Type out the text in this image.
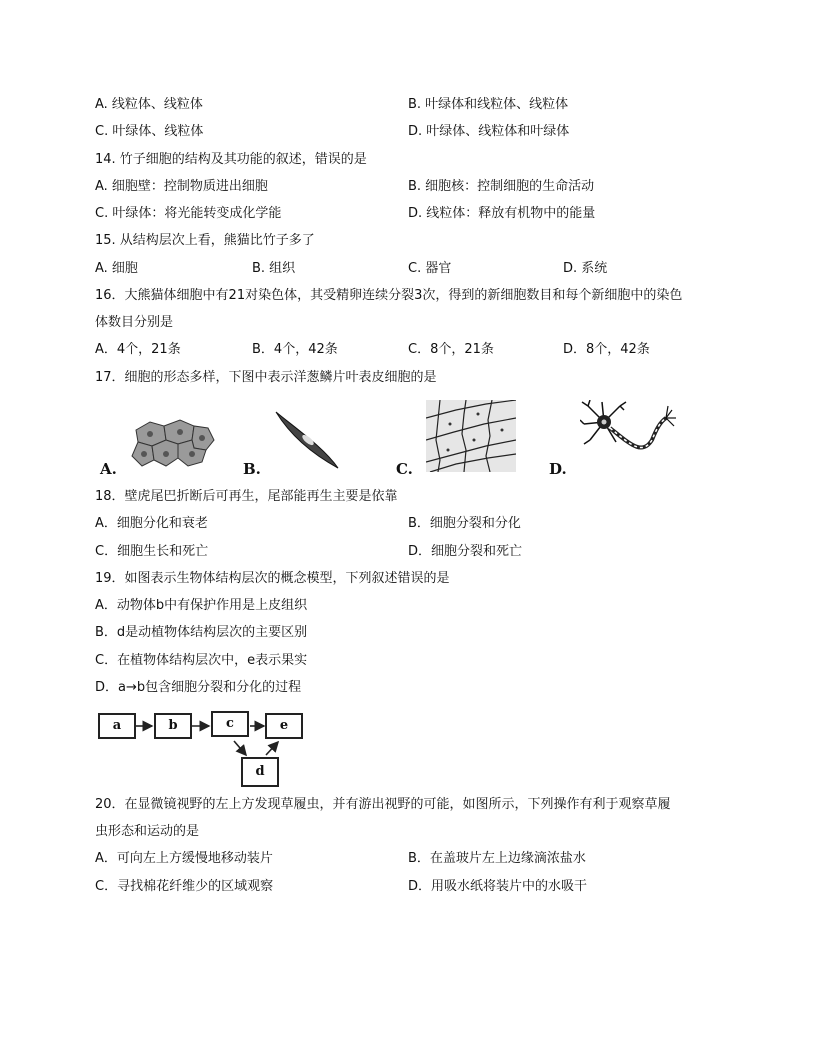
A. 线粒体、线粒体	B. 叶绿体和线粒体、线粒体
C. 叶绿体、线粒体	D. 叶绿体、线粒体和叶绿体
14. 竹子细胞的结构及其功能的叙述，错误的是
A. 细胞壁：控制物质进出细胞	B. 细胞核：控制细胞的生命活动
C. 叶绿体：将光能转变成化学能	D. 线粒体：释放有机物中的能量
15. 从结构层次上看，熊猫比竹子多了
A. 细胞	B. 组织	C. 器官	D. 系统
16．大熊猫体细胞中有21对染色体，其受精卵连续分裂3次，得到的新细胞数目和每个新细胞中的染色
体数目分别是
A．4个，21条	B．4个，42条	C．8个，21条	D．8个，42条
17．细胞的形态多样，下图中表示洋葱鳞片叶表皮细胞的是
A.	B.	C.	D.
18．壁虎尾巴折断后可再生，尾部能再生主要是依靠
A．细胞分化和衰老	B．细胞分裂和分化
C．细胞生长和死亡	D．细胞分裂和死亡
19．如图表示生物体结构层次的概念模型，下列叙述错误的是
A．动物体b中有保护作用是上皮组织
B．d是动植物体结构层次的主要区别
C．在植物体结构层次中，e表示果实
D．a→b包含细胞分裂和分化的过程
a	b	c	e
d
20．在显微镜视野的左上方发现草履虫，并有游出视野的可能，如图所示，下列操作有利于观察草履
虫形态和运动的是
A．可向左上方缓慢地移动装片	B．在盖玻片左上边缘滴浓盐水
C．寻找棉花纤维少的区域观察	D．用吸水纸将装片中的水吸干
